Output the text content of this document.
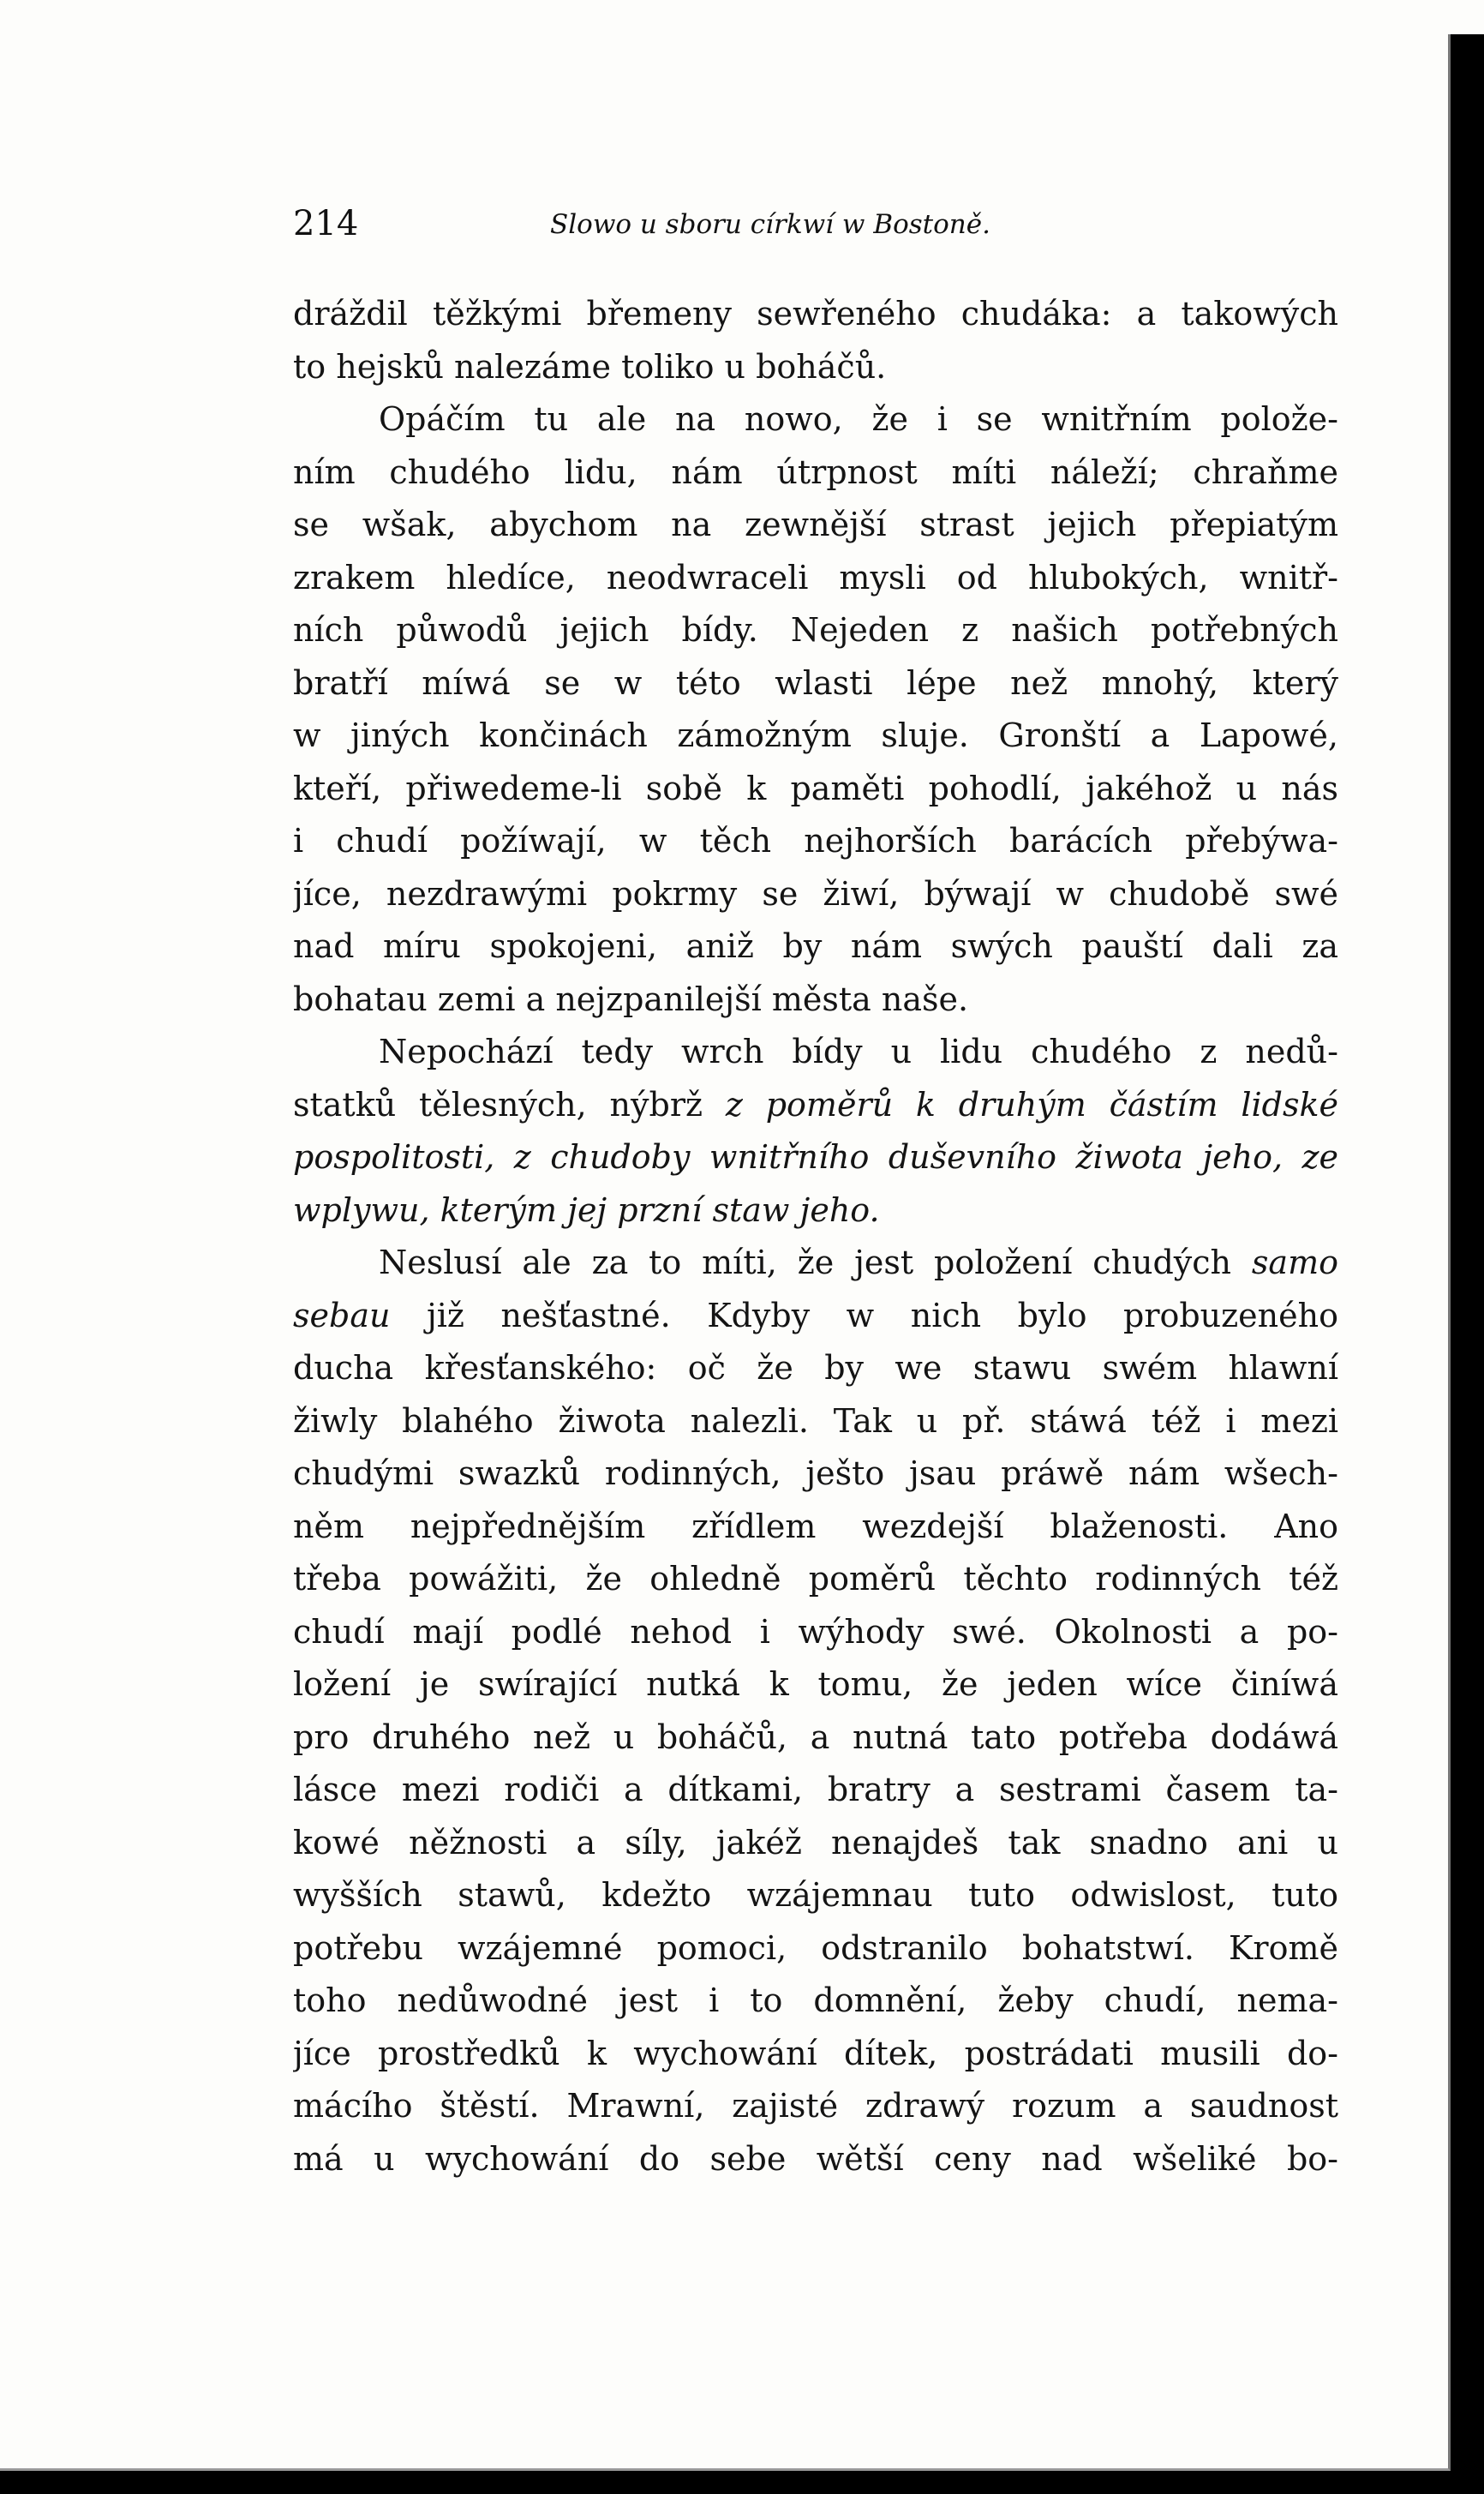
214	Slowo u sboru církwí w Bostoně.
dráždil těžkými břemeny sewřeného chudáka: a takowých
to hejsků nalezáme toliko u boháčů.
Opáčím tu ale na nowo, že i se wnitřním polože-
ním chudého lidu, nám útrpnost míti náleží; chraňme
se wšak, abychom na zewnější strast jejich přepiatým
zrakem hledíce, neodwraceli mysli od hlubokých, wnitř-
ních půwodů jejich bídy. Nejeden z našich potřebných
bratří míwá se w této wlasti lépe než mnohý, který
w jiných končinách zámožným sluje. Gronští a Lapowé,
kteří, přiwedeme-li sobě k paměti pohodlí, jakéhož u nás
i chudí požíwají, w těch nejhorších barácích přebýwa-
jíce, nezdrawými pokrmy se žiwí, býwají w chudobě swé
nad míru spokojeni, aniž by nám swých pauští dali za
bohatau zemi a nejzpanilejší města naše.
Nepochází tedy wrch bídy u lidu chudého z nedů-
statků tělesných, nýbrž z poměrů k druhým částím lidské
pospolitosti, z chudoby wnitřního duševního žiwota jeho, ze
wplywu, kterým jej przní staw jeho.
Neslusí ale za to míti, že jest položení chudých samo
sebau již nešťastné. Kdyby w nich bylo probuzeného
ducha křesťanského: oč že by we stawu swém hlawní
žiwly blahého žiwota nalezli. Tak u př. stáwá též i mezi
chudými swazků rodinných, ješto jsau práwě nám wšech-
něm nejpřednějším zřídlem wezdejší blaženosti. Ano
třeba powážiti, že ohledně poměrů těchto rodinných též
chudí mají podlé nehod i wýhody swé. Okolnosti a po-
ložení je swírající nutká k tomu, že jeden wíce činíwá
pro druhého než u boháčů, a nutná tato potřeba dodáwá
lásce mezi rodiči a dítkami, bratry a sestrami časem ta-
kowé něžnosti a síly, jakéž nenajdeš tak snadno ani u
wyšších stawů, kdežto wzájemnau tuto odwislost, tuto
potřebu wzájemné pomoci, odstranilo bohatstwí. Kromě
toho nedůwodné jest i to domnění, žeby chudí, nema-
jíce prostředků k wychowání dítek, postrádati musili do-
mácího štěstí. Mrawní, zajisté zdrawý rozum a saudnost
má u wychowání do sebe wětší ceny nad wšeliké bo-
